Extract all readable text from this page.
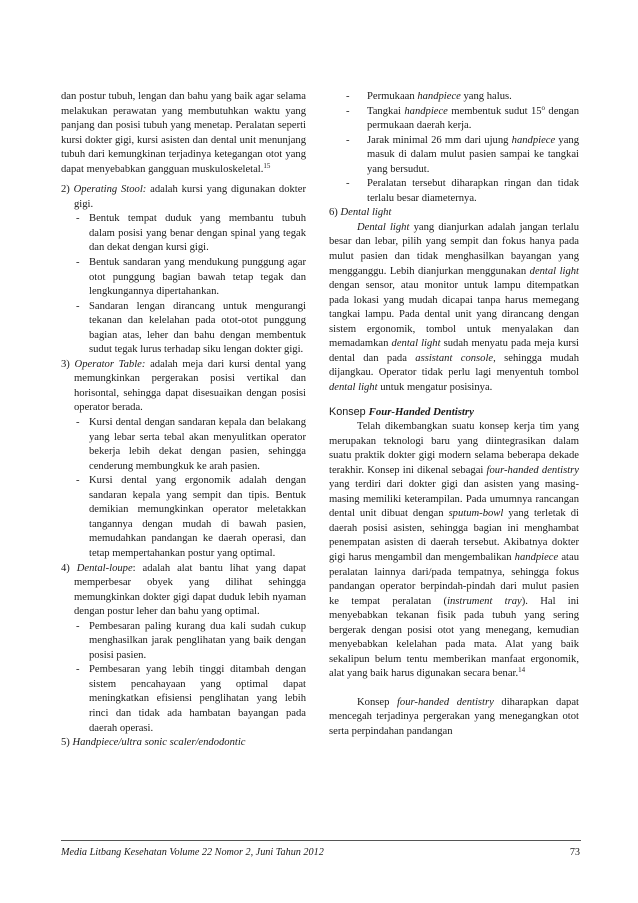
dan postur tubuh, lengan dan bahu yang baik agar selama melakukan perawatan yang membutuhkan waktu yang panjang dan posisi tubuh yang menetap. Peralatan seperti kursi dokter gigi, kursi asisten dan dental unit menunjang tubuh dari kemungkinan terjadinya ketegangan otot yang dapat menyebabkan gangguan muskuloskeletal.$^{15}$

2) Operating Stool: adalah kursi yang digunakan dokter gigi.

- Bentuk tempat duduk yang membantu tubuh dalam posisi yang benar dengan spinal yang tegak dan dekat dengan kursi gigi.

- Bentuk sandaran yang mendukung punggung agar otot punggung bagian bawah tetap tegak dan lengkungannya dipertahankan.

- Sandaran lengan dirancang untuk mengurangi tekanan dan kelelahan pada otot-otot punggung bagian atas, leher dan bahu dengan membentuk sudut tegak lurus terhadap siku lengan dokter gigi.

3) Operator Table: adalah meja dari kursi dental yang memungkinkan pergerakan posisi vertikal dan horisontal, sehingga dapat disesuaikan dengan posisi operator berada.

- Kursi dental dengan sandaran kepala dan belakang yang lebar serta tebal akan menyulitkan operator bekerja lebih dekat dengan pasien, sehingga cenderung membungkuk ke arah pasien.

- Kursi dental yang ergonomik adalah dengan sandaran kepala yang sempit dan tipis. Bentuk demikian memungkinkan operator meletakkan tangannya dengan mudah di bawah pasien, memudahkan pandangan ke daerah operasi, dan tetap mempertahankan postur yang optimal.

4) Dental-loupe: adalah alat bantu lihat yang dapat memperbesar obyek yang dilihat sehingga memungkinkan dokter gigi dapat duduk lebih nyaman dengan postur leher dan bahu yang optimal.

- Pembesaran paling kurang dua kali sudah cukup menghasilkan jarak penglihatan yang baik dengan posisi pasien.

- Pembesaran yang lebih tinggi ditambah dengan sistem pencahayaan yang optimal dapat meningkatkan efisiensi penglihatan yang lebih rinci dan tidak ada hambatan bayangan pada daerah operasi.

5) Handpiece/ultra sonic scaler/endodontic

- Permukaan handpiece yang halus.

- Tangkai handpiece membentuk sudut 15$^o$ dengan permukaan daerah kerja.

- Jarak minimal 26 mm dari ujung handpiece yang masuk di dalam mulut pasien sampai ke tangkai yang bersudut.

- Peralatan tersebut diharapkan ringan dan tidak terlalu besar diameternya.

6) Dental light

Dental light yang dianjurkan adalah jangan terlalu besar dan lebar, pilih yang sempit dan fokus hanya pada mulut pasien dan tidak menghasilkan bayangan yang mengganggu. Lebih dianjurkan menggunakan dental light dengan sensor, atau monitor untuk lampu ditempatkan pada lokasi yang mudah dicapai tanpa harus memegang tangkai lampu. Pada dental unit yang dirancang dengan sistem ergonomik, tombol untuk menyalakan dan memadamkan dental light sudah menyatu pada meja kursi dental dan pada assistant console, sehingga mudah dijangkau. Operator tidak perlu lagi menyentuh tombol dental light untuk mengatur posisinya.

Konsep Four-Handed Dentistry

Telah dikembangkan suatu konsep kerja tim yang merupakan teknologi baru yang diintegrasikan dalam suatu praktik dokter gigi modern selama beberapa dekade terakhir. Konsep ini dikenal sebagai four-handed dentistry yang terdiri dari dokter gigi dan asisten yang masing-masing memiliki keterampilan. Pada umumnya rancangan dental unit dibuat dengan sputum-bowl yang terletak di daerah posisi asisten, sehingga bagian ini menghambat penempatan asisten di daerah tersebut. Akibatnya dokter gigi harus mengambil dan mengembalikan handpiece atau peralatan lainnya dari/pada tempatnya, sehingga fokus pandangan operator berpindah-pindah dari mulut pasien ke tempat peralatan (instrument tray). Hal ini menyebabkan tekanan fisik pada tubuh yang sering bergerak dengan posisi otot yang menegang, kemudian menyebabkan kelelahan pada mata. Alat yang baik sekalipun belum tentu memberikan manfaat ergonomik, alat yang baik harus digunakan secara benar.$^{14}$

Konsep four-handed dentistry diharapkan dapat mencegah terjadinya pergerakan yang menegangkan otot serta perpindahan pandangan

Media Litbang Kesehatan Volume 22 Nomor 2, Juni Tahun 2012	73
